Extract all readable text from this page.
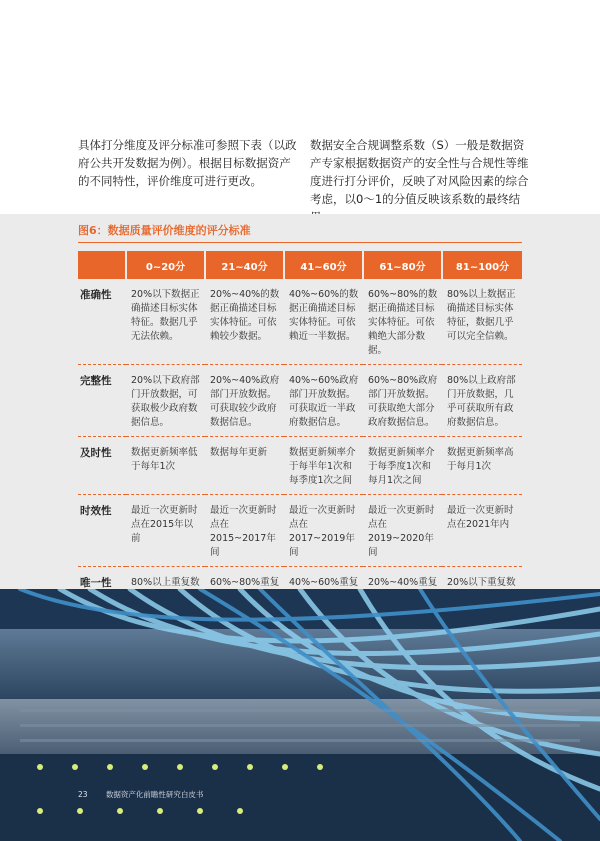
具体打分维度及评分标准可参照下表（以政府公共开发数据为例）。根据目标数据资产的不同特性，评价维度可进行更改。
数据安全合规调整系数（S）一般是数据资产专家根据数据资产的安全性与合规性等维度进行打分评价，反映了对风险因素的综合考虑，以0～1的分值反映该系数的最终结
图6：数据质量评价维度的评分标准
	0~20分	21~40分	41~60分	61~80分	81~100分
准确性	20%以下数据正确描述目标实体特征。数据几乎无法依赖。	20%~40%的数据正确描述目标实体特征。可依赖较少数据。	40%~60%的数据正确描述目标实体特征。可依赖近一半数据。	60%~80%的数据正确描述目标实体特征。可依赖绝大部分数据。	80%以上数据正确描述目标实体特征，数据几乎可以完全信赖。
完整性	20%以下政府部门开放数据，可获取极少政府数据信息。	20%~40%政府部门开放数据。可获取较少政府数据信息。	40%~60%政府部门开放数据。可获取近一半政府数据信息。	60%~80%政府部门开放数据。可获取绝大部分政府数据信息。	80%以上政府部门开放数据，几乎可获取所有政府数据信息。
及时性	数据更新频率低于每年1次	数据每年更新	数据更新频率介于每半年1次和每季度1次之间	数据更新频率介于每季度1次和每月1次之间	数据更新频率高于每月1次
时效性	最近一次更新时点在2015年以前	最近一次更新时点在2015~2017年间	最近一次更新时点在2017~2019年间	最近一次更新时点在2019~2020年间	最近一次更新时点在2021年内
唯一性	80%以上重复数	60%~80%重复	40%~60%重复	20%~40%重复	20%以下重复数
23 数据资产化前瞻性研究白皮书
